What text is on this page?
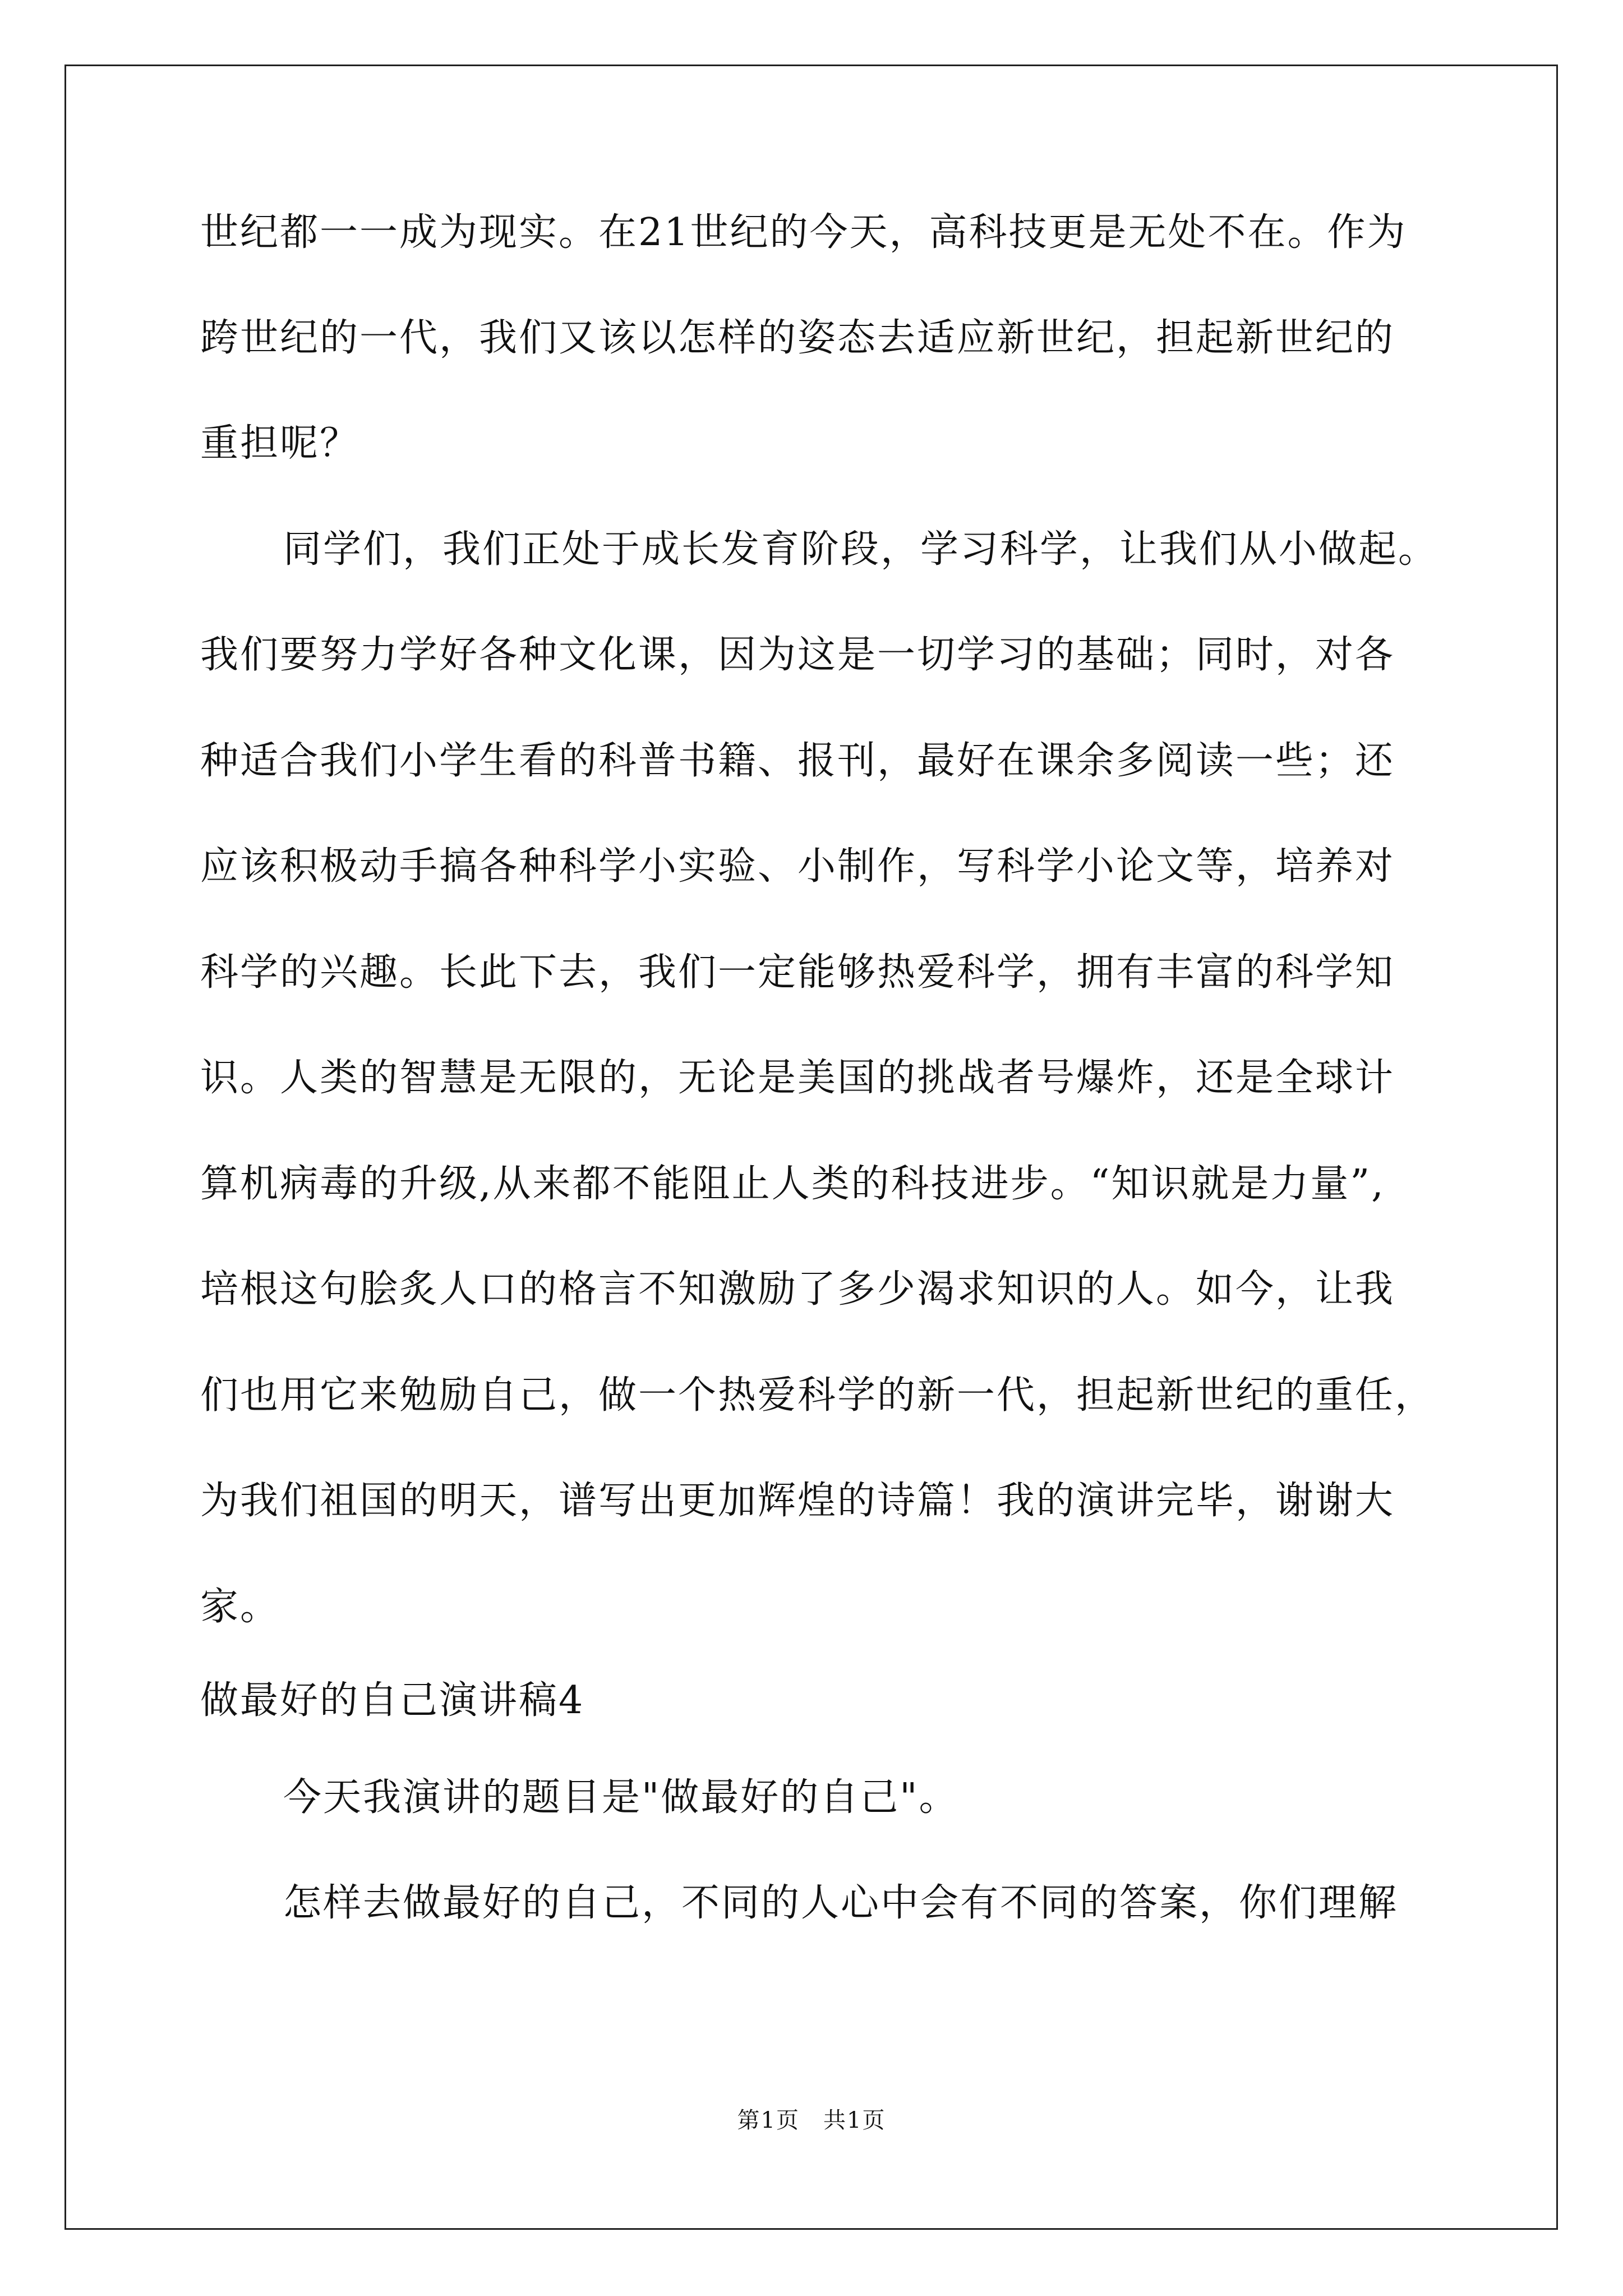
世纪都一一成为现实。在21世纪的今天，高科技更是无处不在。作为
跨世纪的一代，我们又该以怎样的姿态去适应新世纪，担起新世纪的
重担呢？
同学们，我们正处于成长发育阶段，学习科学，让我们从小做起。
我们要努力学好各种文化课，因为这是一切学习的基础；同时，对各
种适合我们小学生看的科普书籍、报刊，最好在课余多阅读一些；还
应该积极动手搞各种科学小实验、小制作，写科学小论文等，培养对
科学的兴趣。长此下去，我们一定能够热爱科学，拥有丰富的科学知
识。人类的智慧是无限的，无论是美国的挑战者号爆炸，还是全球计
算机病毒的升级,从来都不能阻止人类的科技进步。“知识就是力量”,
培根这句脍炙人口的格言不知激励了多少渴求知识的人。如今，让我
们也用它来勉励自己，做一个热爱科学的新一代，担起新世纪的重任，
为我们祖国的明天，谱写出更加辉煌的诗篇！我的演讲完毕，谢谢大
家。
做最好的自己演讲稿4
今天我演讲的题目是"做最好的自己"。
怎样去做最好的自己，不同的人心中会有不同的答案，你们理解
第1页　共1页
